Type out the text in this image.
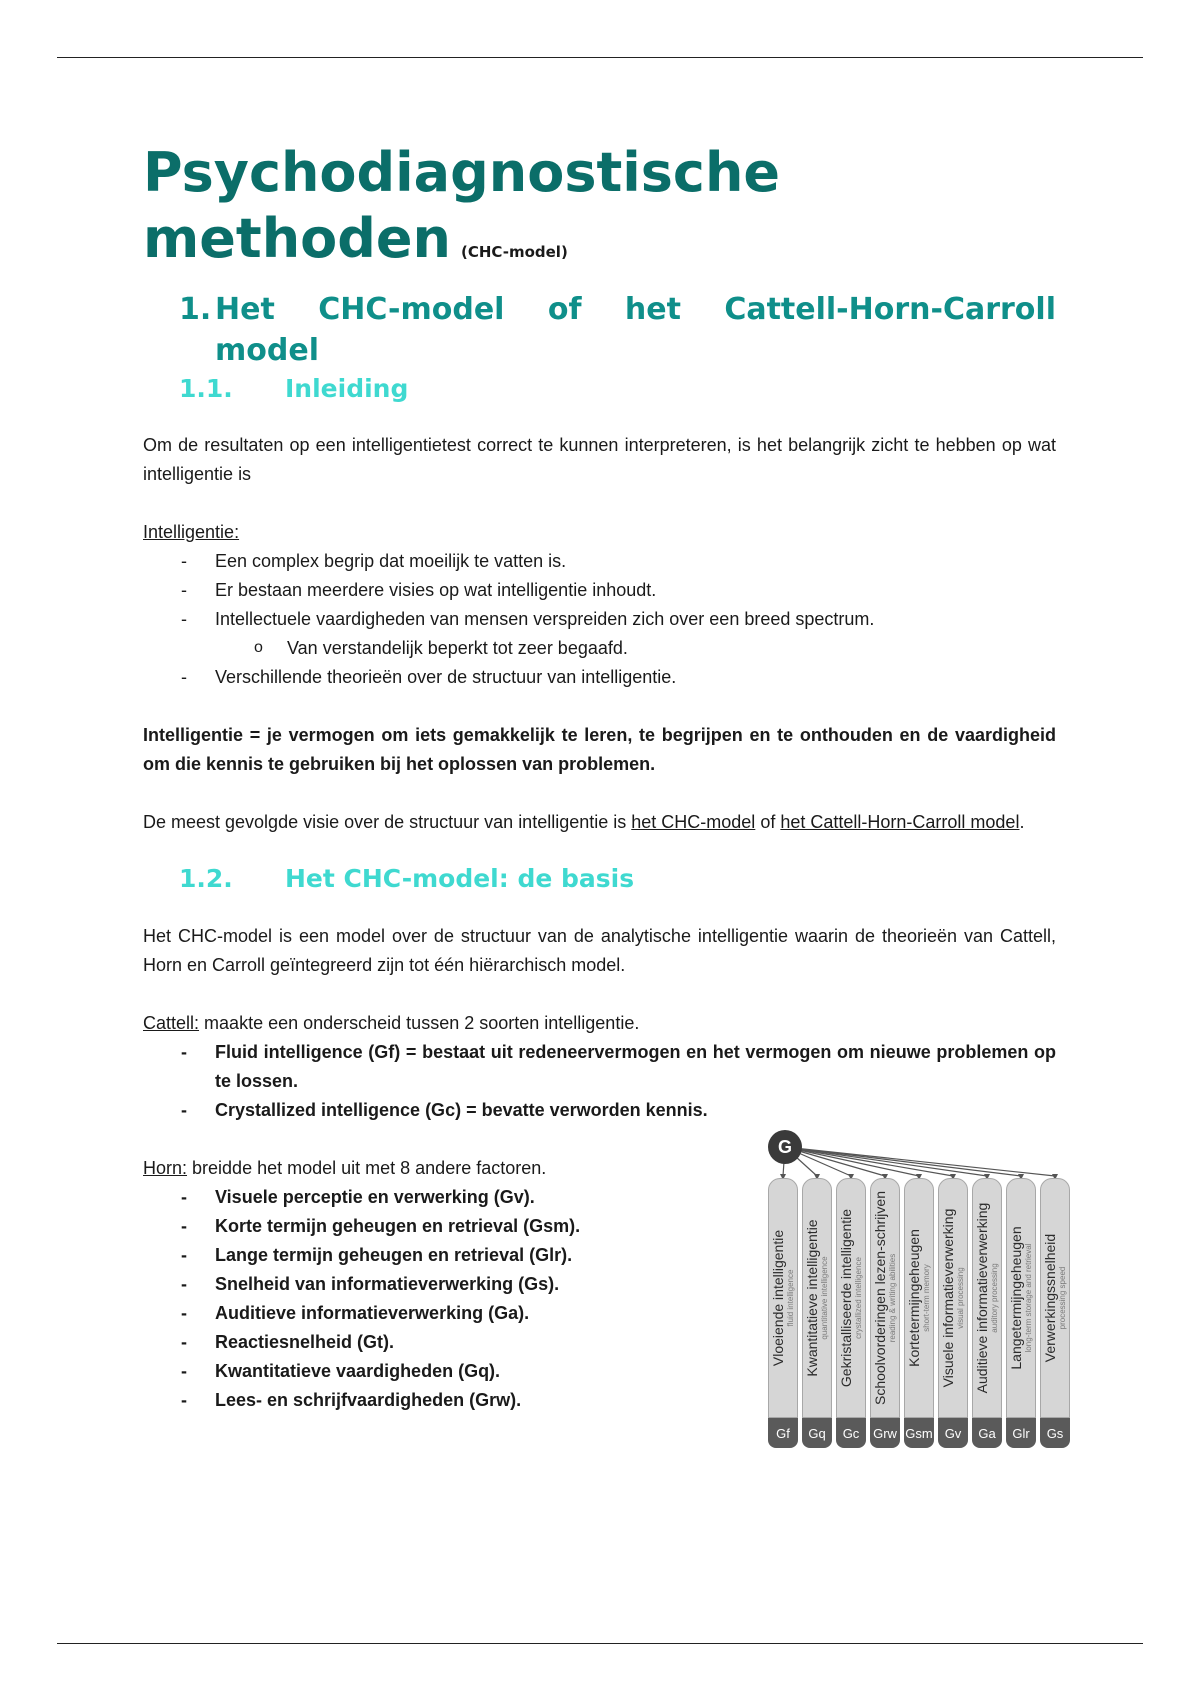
Psychodiagnostische
methoden (CHC-model)
1. Het CHC-model of het Cattell-Horn-Carroll
model
1.1.	Inleiding

Om de resultaten op een intelligentietest correct te kunnen interpreteren, is het belangrijk zicht te hebben op wat intelligentie is

Intelligentie:

- Een complex begrip dat moeilijk te vatten is.
- Er bestaan meerdere visies op wat intelligentie inhoudt.
- Intellectuele vaardigheden van mensen verspreiden zich over een breed spectrum.
o Van verstandelijk beperkt tot zeer begaafd.
- Verschillende theorieën over de structuur van intelligentie.

Intelligentie = je vermogen om iets gemakkelijk te leren, te begrijpen en te onthouden en de vaardigheid om die kennis te gebruiken bij het oplossen van problemen.

De meest gevolgde visie over de structuur van intelligentie is het CHC-model of het Cattell-Horn-Carroll model.

1.2.	Het CHC-model: de basis

Het CHC-model is een model over de structuur van de analytische intelligentie waarin de theorieën van Cattell, Horn en Carroll geïntegreerd zijn tot één hiërarchisch model.

Cattell: maakte een onderscheid tussen 2 soorten intelligentie.

- Fluid intelligence (Gf) = bestaat uit redeneervermogen en het vermogen om nieuwe problemen op te lossen.
- Crystallized intelligence (Gc) = bevatte verworden kennis.

Horn: breidde het model uit met 8 andere factoren.

- Visuele perceptie en verwerking (Gv).
- Korte termijn geheugen en retrieval (Gsm).
- Lange termijn geheugen en retrieval (Glr).
- Snelheid van informatieverwerking (Gs).
- Auditieve informatieverwerking (Ga).
- Reactiesnelheid (Gt).
- Kwantitatieve vaardigheden (Gq).
- Lees- en schrijfvaardigheden (Grw).
G
Vloeiende intelligentie fluid intelligence
Gf
Kwantitatieve intelligentie quantitative intelligence
Gq
Gekristalliseerde intelligentie crystallized intelligence
Gc
Schoolvorderingen lezen-schrijven reading & writing abilities
Grw
Kortetermijngeheugen short-term memory
Gsm
Visuele informatieverwerking visual processing
Gv
Auditieve informatieverwerking auditory processing
Ga
Langetermijngeheugen long-term storage and retrieval
Glr
Verwerkingssnelheid processing speed
Gs
